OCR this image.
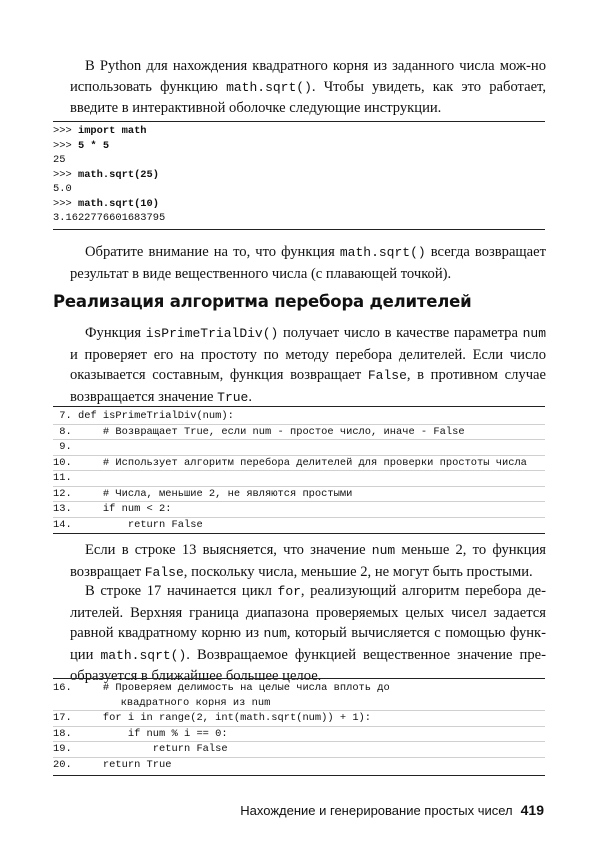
В Python для нахождения квадратного корня из заданного числа мож-но использовать функцию math.sqrt(). Чтобы увидеть, как это работает, введите в интерактивной оболочке следующие инструкции.

>>> import math
>>> 5 * 5
25
>>> math.sqrt(25)
5.0
>>> math.sqrt(10)
3.1622776601683795

Обратите внимание на то, что функция math.sqrt() всегда возвращает результат в виде вещественного числа (с плавающей точкой).

Реализация алгоритма перебора делителей

Функция isPrimeTrialDiv() получает число в качестве параметра num и проверяет его на простоту по методу перебора делителей. Если число оказывается составным, функция возвращает False, в противном случае возвращается значение True.

7. def isPrimeTrialDiv(num):
8.     # Возвращает True, если num - простое число, иначе - False
9.
10.     # Использует алгоритм перебора делителей для проверки простоты числа
11.
12.     # Числа, меньшие 2, не являются простыми
13.     if num < 2:
14.         return False

Если в строке 13 выясняется, что значение num меньше 2, то функция возвращает False, поскольку числа, меньшие 2, не могут быть простыми.

В строке 17 начинается цикл for, реализующий алгоритм перебора де-лителей. Верхняя граница диапазона проверяемых целых чисел задается равной квадратному корню из num, который вычисляется с помощью функ-ции math.sqrt(). Возвращаемое функцией вещественное значение пре-образуется в ближайшее большее целое.

16.     # Проверяем делимость на целые числа вплоть до
квадратного корня из num
17.     for i in range(2, int(math.sqrt(num)) + 1):
18.         if num % i == 0:
19.             return False
20.     return True
Нахождение и генерирование простых чисел 419
